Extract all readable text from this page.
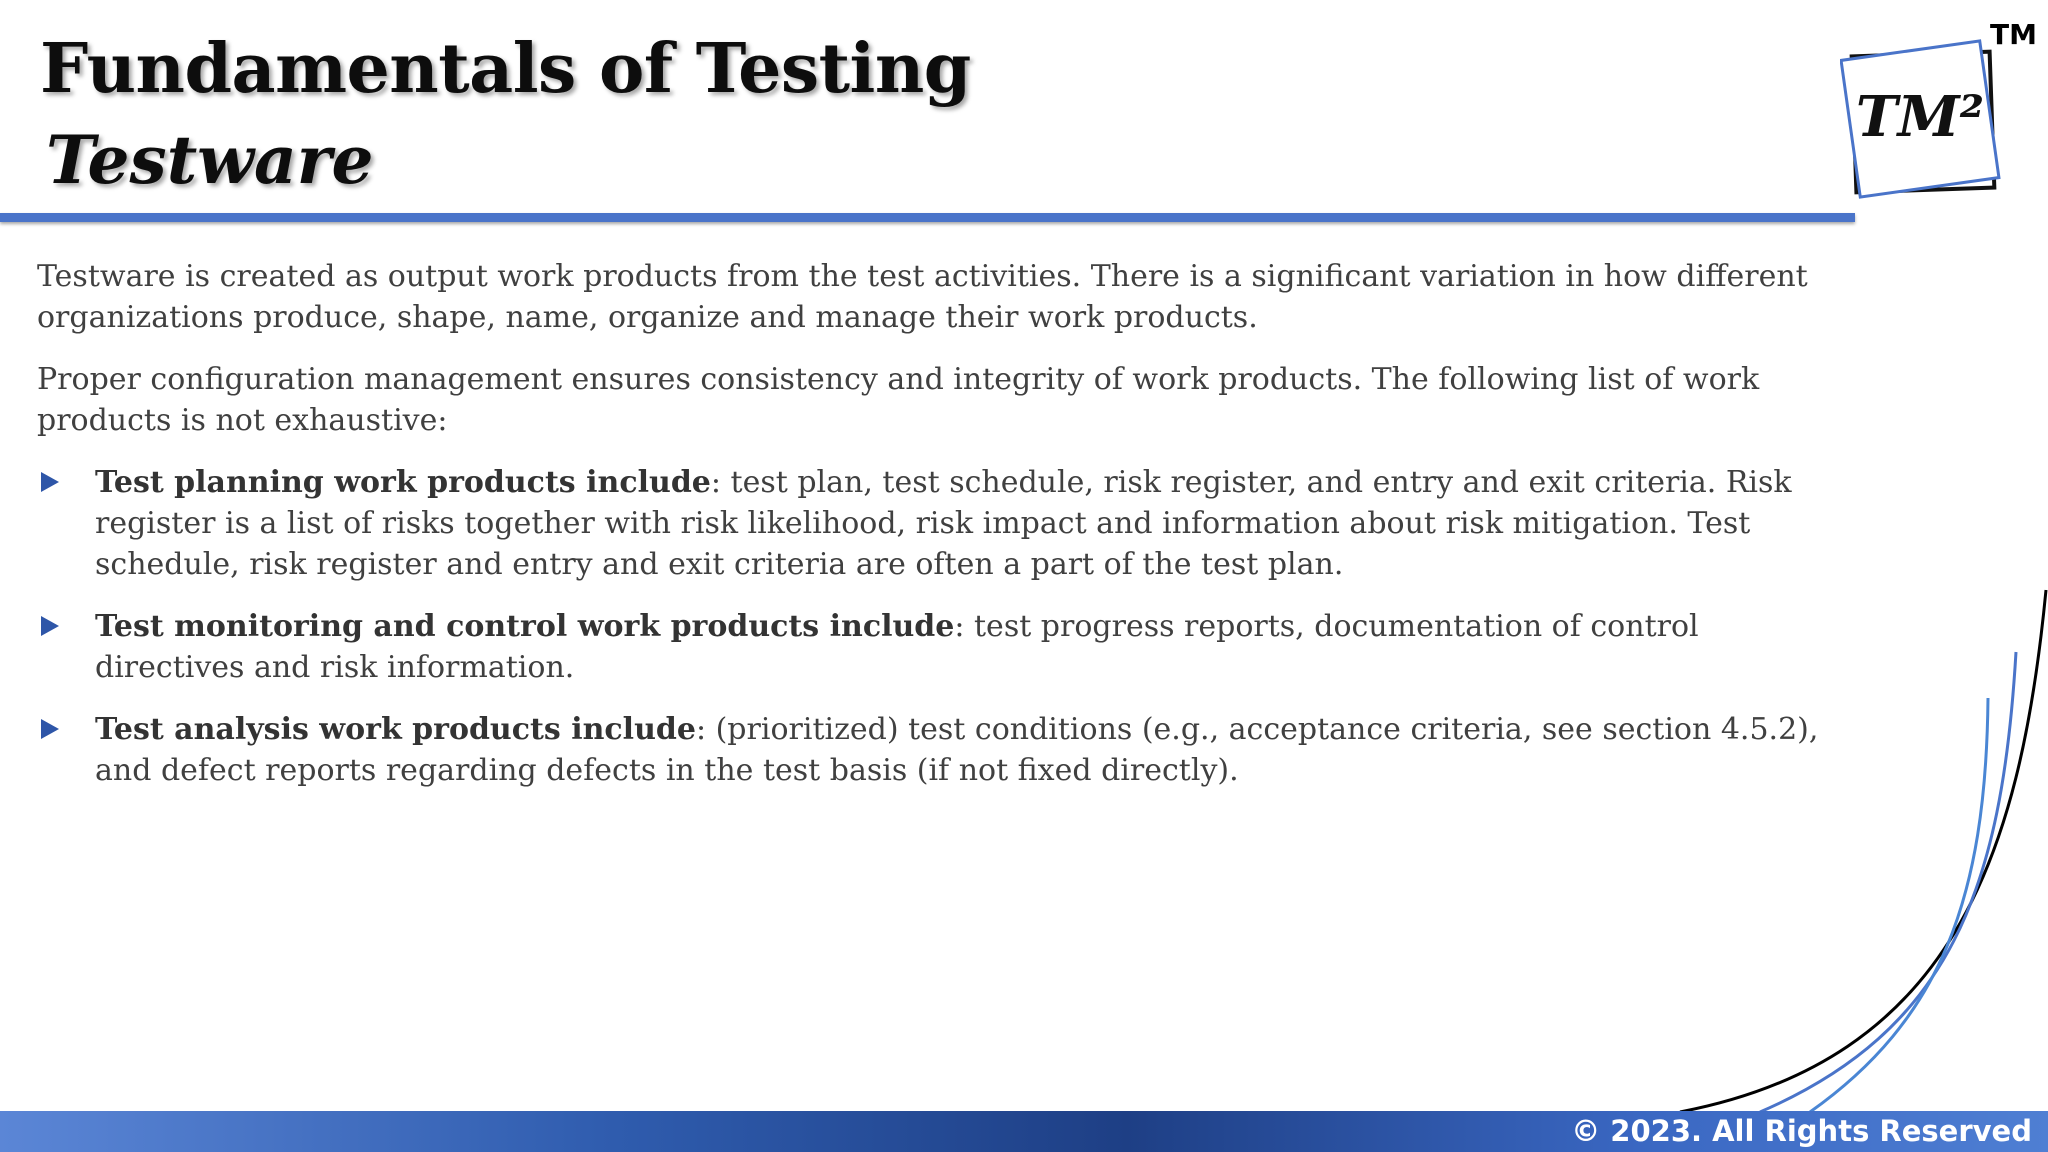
Fundamentals of Testing
Testware
TM
TM²

Testware is created as output work products from the test activities. There is a significant variation in how different organizations produce, shape, name, organize and manage their work products.

Proper configuration management ensures consistency and integrity of work products. The following list of work products is not exhaustive:

Test planning work products include: test plan, test schedule, risk register, and entry and exit criteria. Risk register is a list of risks together with risk likelihood, risk impact and information about risk mitigation. Test schedule, risk register and entry and exit criteria are often a part of the test plan.
Test monitoring and control work products include: test progress reports, documentation of control directives and risk information.
Test analysis work products include: (prioritized) test conditions (e.g., acceptance criteria, see section 4.5.2), and defect reports regarding defects in the test basis (if not fixed directly).
© 2023. All Rights Reserved
